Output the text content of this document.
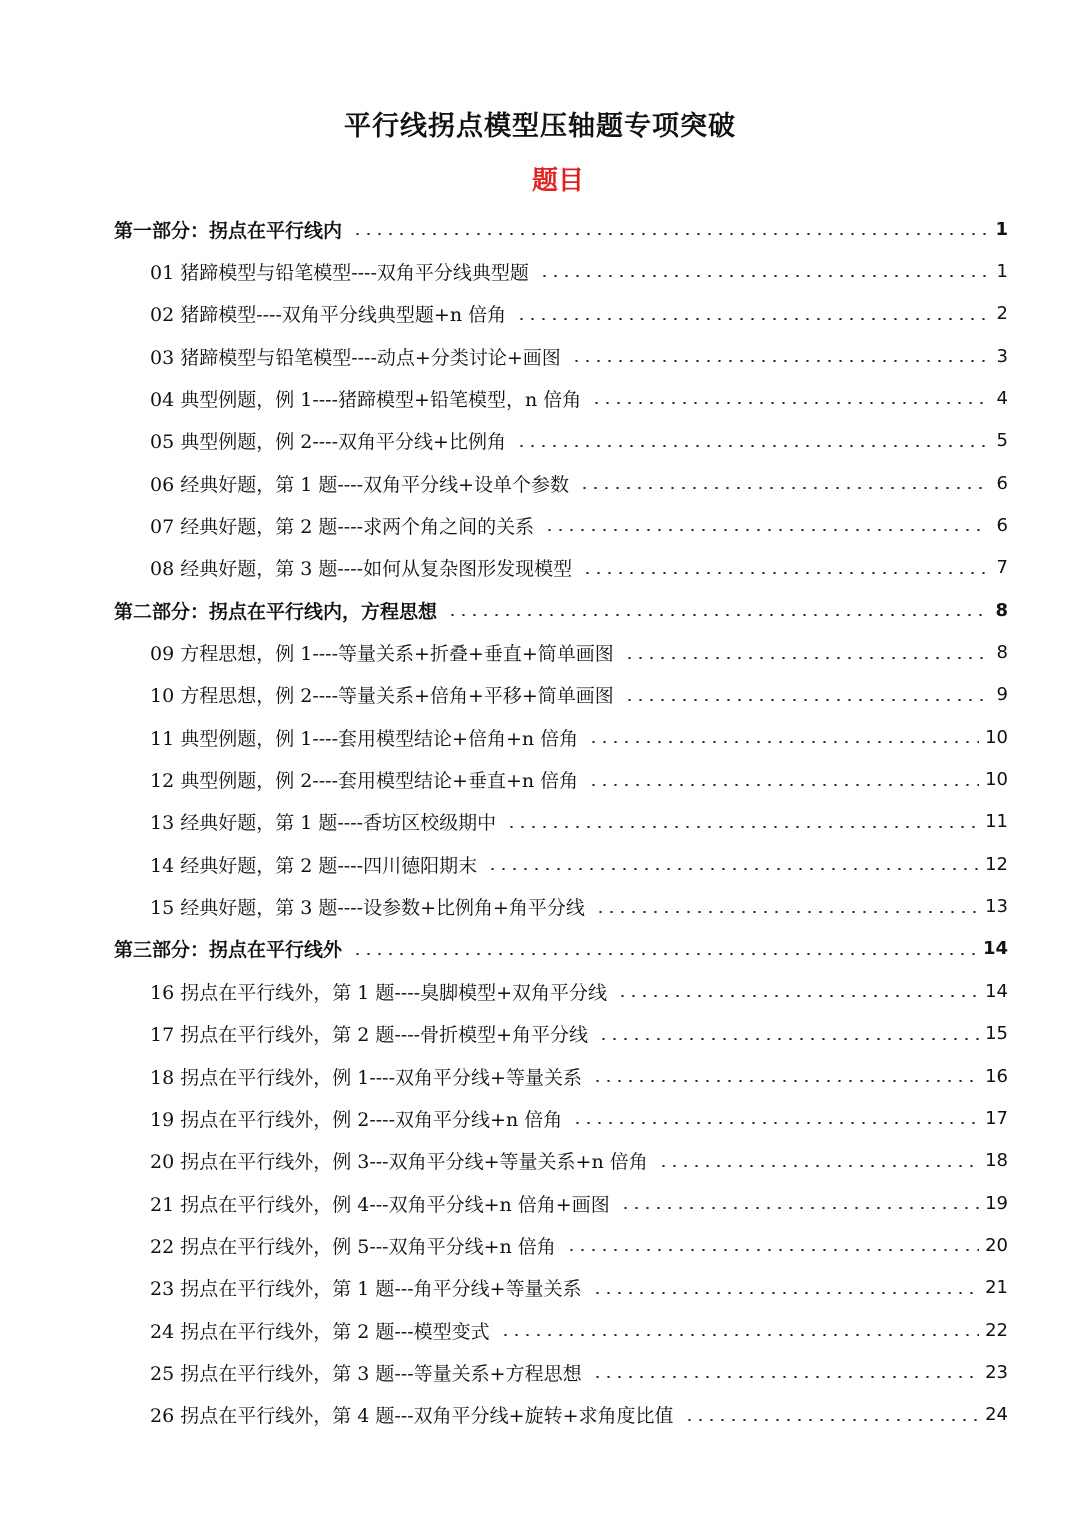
平行线拐点模型压轴题专项突破
题目
第一部分：拐点在平行线内	1
01 猪蹄模型与铅笔模型----双角平分线典型题	1
02 猪蹄模型----双角平分线典型题+n 倍角	2
03 猪蹄模型与铅笔模型----动点+分类讨论+画图	3
04 典型例题，例 1----猪蹄模型+铅笔模型，n 倍角	4
05 典型例题，例 2----双角平分线+比例角	5
06 经典好题，第 1 题----双角平分线+设单个参数	6
07 经典好题，第 2 题----求两个角之间的关系	6
08 经典好题，第 3 题----如何从复杂图形发现模型	7
第二部分：拐点在平行线内，方程思想	8
09 方程思想，例 1----等量关系+折叠+垂直+简单画图	8
10 方程思想，例 2----等量关系+倍角+平移+简单画图	9
11 典型例题，例 1----套用模型结论+倍角+n 倍角	10
12 典型例题，例 2----套用模型结论+垂直+n 倍角	10
13 经典好题，第 1 题----香坊区校级期中	11
14 经典好题，第 2 题----四川德阳期末	12
15 经典好题，第 3 题----设参数+比例角+角平分线	13
第三部分：拐点在平行线外	14
16 拐点在平行线外，第 1 题----臭脚模型+双角平分线	14
17 拐点在平行线外，第 2 题----骨折模型+角平分线	15
18 拐点在平行线外，例 1----双角平分线+等量关系	16
19 拐点在平行线外，例 2----双角平分线+n 倍角	17
20 拐点在平行线外，例 3---双角平分线+等量关系+n 倍角	18
21 拐点在平行线外，例 4---双角平分线+n 倍角+画图	19
22 拐点在平行线外，例 5---双角平分线+n 倍角	20
23 拐点在平行线外，第 1 题---角平分线+等量关系	21
24 拐点在平行线外，第 2 题---模型变式	22
25 拐点在平行线外，第 3 题---等量关系+方程思想	23
26 拐点在平行线外，第 4 题---双角平分线+旋转+求角度比值	24
